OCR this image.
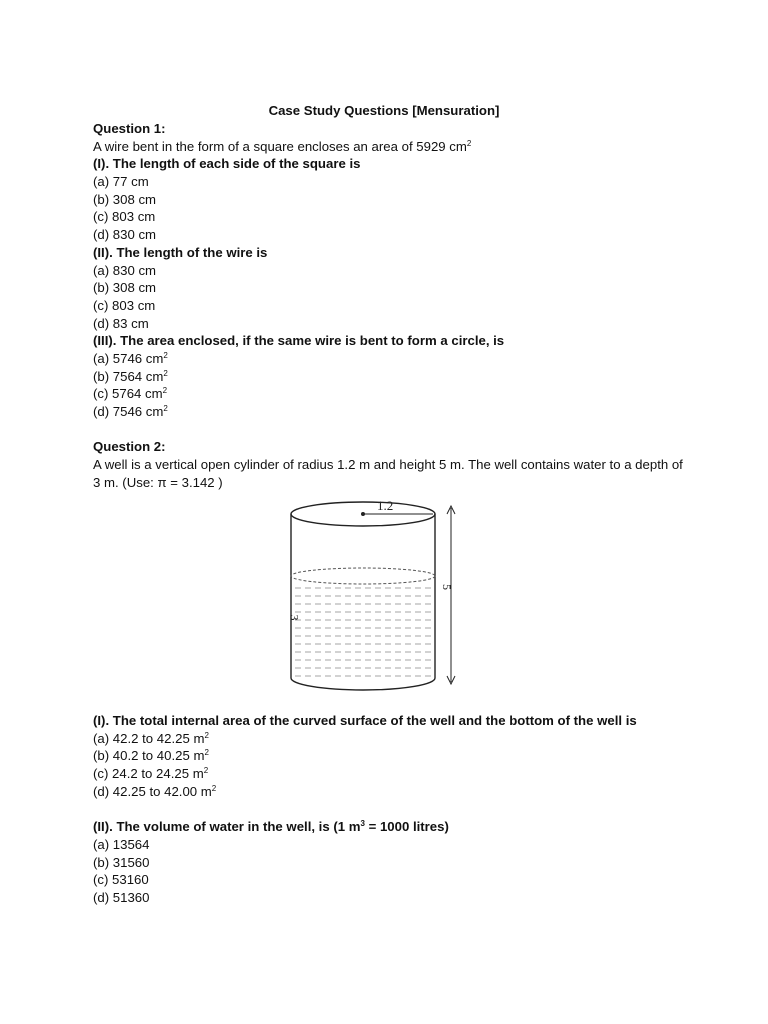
Case Study Questions [Mensuration]
Question 1:
A wire bent in the form of a square encloses an area of 5929 $cm^2$
(I). The length of each side of the square is
(a) 77 cm
(b) 308 cm
(c) 803 cm
(d) 830 cm
(II). The length of the wire is
(a) 830 cm
(b) 308 cm
(c) 803 cm
(d) 83 cm
(III). The area enclosed, if the same wire is bent to form a circle, is
(a) 5746 $cm^2$
(b) 7564 $cm^2$
(c) 5764 $cm^2$
(d) 7546 $cm^2$
Question 2:
A well is a vertical open cylinder of radius 1.2 m and height 5 m. The well contains water to a depth of 3 m. (Use: π = 3.142 )
1.2
5
3
(I). The total internal area of the curved surface of the well and the bottom of the well is
(a) 42.2 to 42.25 $m^2$
(b) 40.2 to 40.25 $m^2$
(c) 24.2 to 24.25 $m^2$
(d) 42.25 to 42.00 $m^2$
(II). The volume of water in the well, is (1 $m^3 = 1000$ litres)
(a) 13564
(b) 31560
(c) 53160
(d) 51360
